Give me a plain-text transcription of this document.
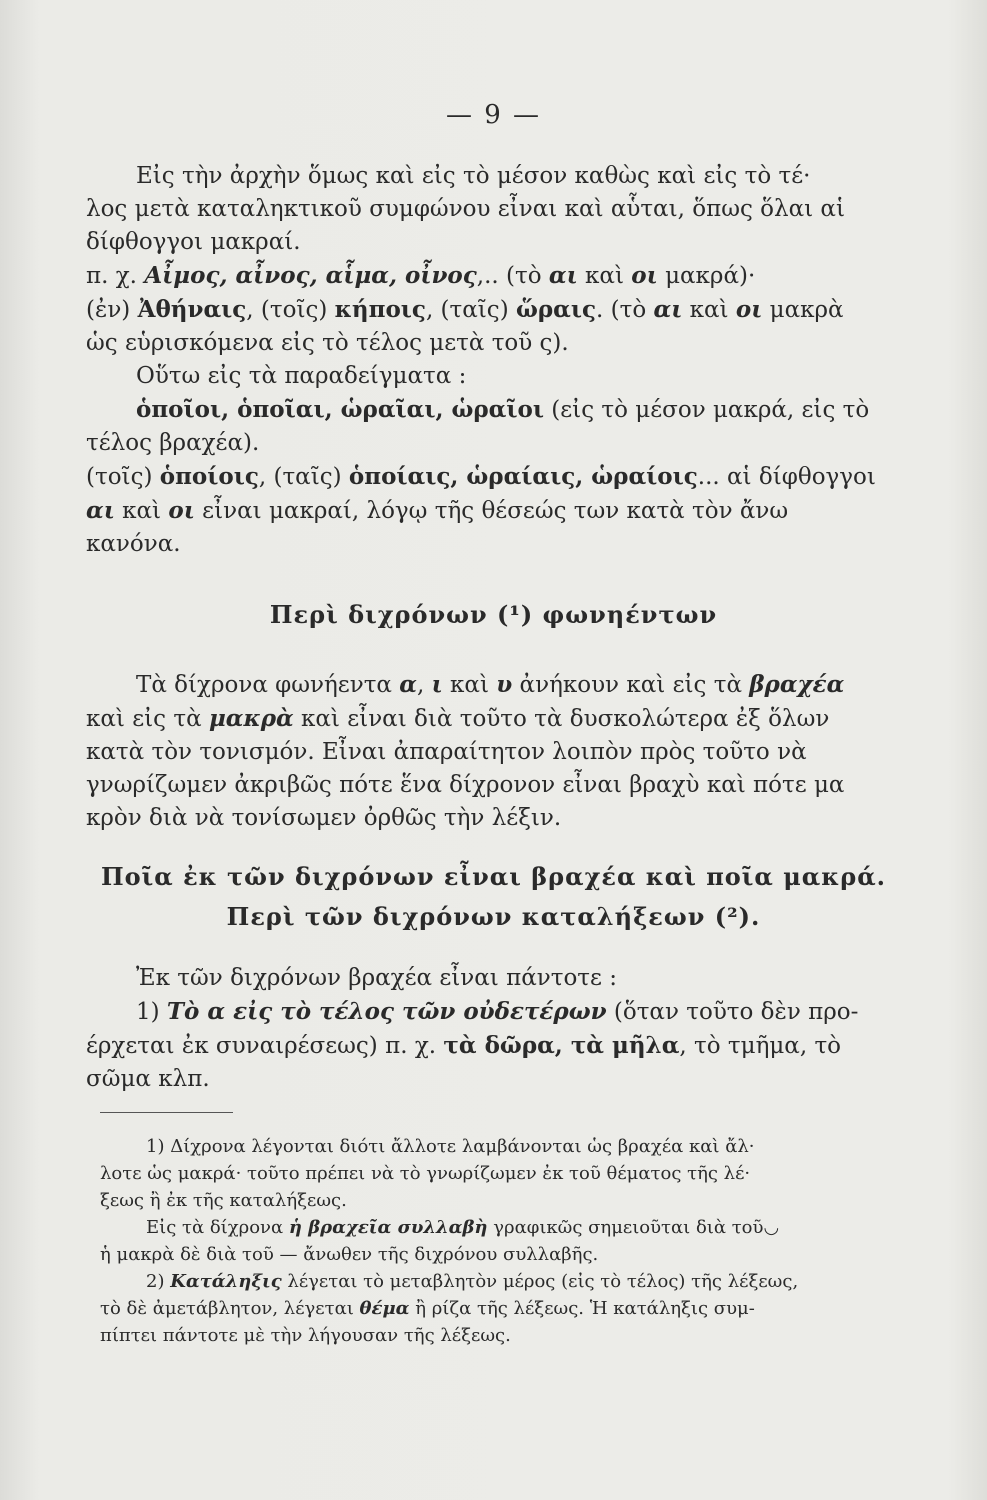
— 9 —
Εἰς τὴν ἀρχὴν ὅμως καὶ εἰς τὸ μέσον καθὼς καὶ εἰς τὸ τέ·
λος μετὰ καταληκτικοῦ συμφώνου εἶναι καὶ αὗται, ὅπως ὅλαι αἱ
δίφθογγοι μακραί.
π. χ. Αἶμος, αἶνος, αἷμα, οἶνος,.. (τὸ αι καὶ οι μακρά)·
(ἐν) Ἀθήναις, (τοῖς) κήποις, (ταῖς) ὥραις. (τὸ αι καὶ οι μακρὰ
ὡς εὑρισκόμενα εἰς τὸ τέλος μετὰ τοῦ ς).
Οὕτω εἰς τὰ παραδείγματα :
ὁποῖοι, ὁποῖαι, ὡραῖαι, ὡραῖοι (εἰς τὸ μέσον μακρά, εἰς τὸ
τέλος βραχέα).
(τοῖς) ὁποίοις, (ταῖς) ὁποίαις, ὡραίαις, ὡραίοις... αἱ δίφθογγοι
αι καὶ οι εἶναι μακραί, λόγῳ τῆς θέσεώς των κατὰ τὸν ἄνω
κανόνα.
Περὶ διχρόνων (¹) φωνηέντων
Τὰ δίχρονα φωνήεντα α, ι καὶ υ ἀνήκουν καὶ εἰς τὰ βραχέα
καὶ εἰς τὰ μακρὰ καὶ εἶναι διὰ τοῦτο τὰ δυσκολώτερα ἐξ ὅλων
κατὰ τὸν τονισμόν. Εἶναι ἀπαραίτητον λοιπὸν πρὸς τοῦτο νὰ
γνωρίζωμεν ἀκριβῶς πότε ἕνα δίχρονον εἶναι βραχὺ καὶ πότε μα
κρὸν διὰ νὰ τονίσωμεν ὀρθῶς τὴν λέξιν.
Ποῖα ἐκ τῶν διχρόνων εἶναι βραχέα καὶ ποῖα μακρά.
Περὶ τῶν διχρόνων καταλήξεων (²).
Ἐκ τῶν διχρόνων βραχέα εἶναι πάντοτε :
1) Τὸ α εἰς τὸ τέλος τῶν οὐδετέρων (ὅταν τοῦτο δὲν προ-
έρχεται ἐκ συναιρέσεως) π. χ. τὰ δῶρα, τὰ μῆλα, τὸ τμῆμα, τὸ
σῶμα κλπ.
1) Δίχρονα λέγονται διότι ἄλλοτε λαμβάνονται ὡς βραχέα καὶ ἄλ·
λοτε ὡς μακρά· τοῦτο πρέπει νὰ τὸ γνωρίζωμεν ἐκ τοῦ θέματος τῆς λέ·
ξεως ἢ ἐκ τῆς καταλήξεως.
Εἰς τὰ δίχρονα ἡ βραχεῖα συλλαβὴ γραφικῶς σημειοῦται διὰ τοῦ◡
ἡ μακρὰ δὲ διὰ τοῦ — ἄνωθεν τῆς διχρόνου συλλαβῆς.
2) Κατάληξις λέγεται τὸ μεταβλητὸν μέρος (εἰς τὸ τέλος) τῆς λέξεως,
τὸ δὲ ἀμετάβλητον, λέγεται θέμα ἢ ρίζα τῆς λέξεως. Ἡ κατάληξις συμ-
πίπτει πάντοτε μὲ τὴν λήγουσαν τῆς λέξεως.
